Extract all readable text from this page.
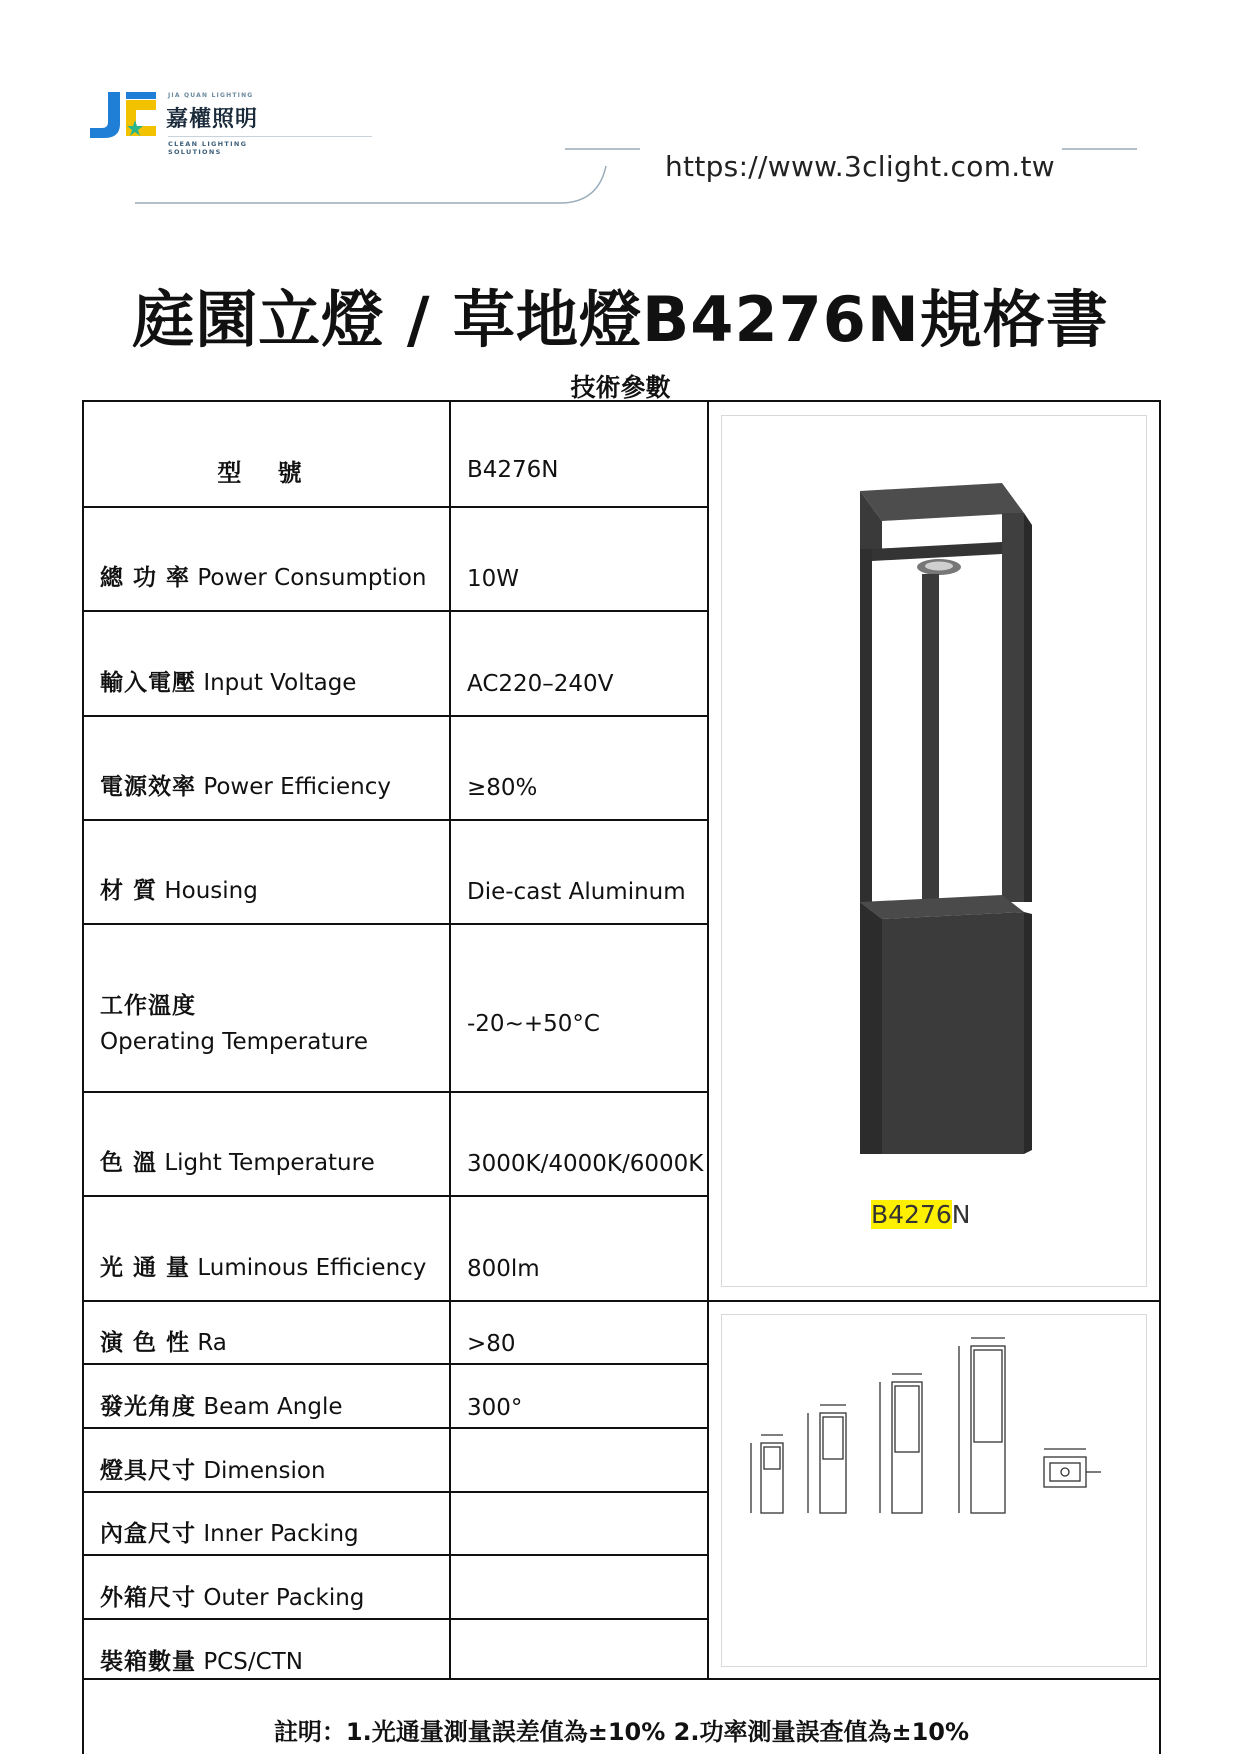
JIA QUAN LIGHTING
嘉權照明
CLEAN LIGHTING SOLUTIONS	https://www.3clight.com.tw
庭園立燈 / 草地燈B4276N規格書
技術參數
型 號	B4276N
總 功 率 Power Consumption 10W
輸入電壓 Input Voltage	AC220–240V
電源效率 Power Efficiency	≥80%
材 質 Housing	Die-cast Aluminum
工作溫度
Operating Temperature
-20~+50°C
色 溫 Light Temperature	3000K/4000K/6000K
光 通 量 Luminous Efficiency 800lm
演 色 性 Ra	>80
發光角度 Beam Angle	300°
燈具尺寸 Dimension
內盒尺寸 Inner Packing
外箱尺寸 Outer Packing
裝箱數量 PCS/CTN
B4276N
註明：1.光通量測量誤差值為±10% 2.功率測量誤查值為±10%
